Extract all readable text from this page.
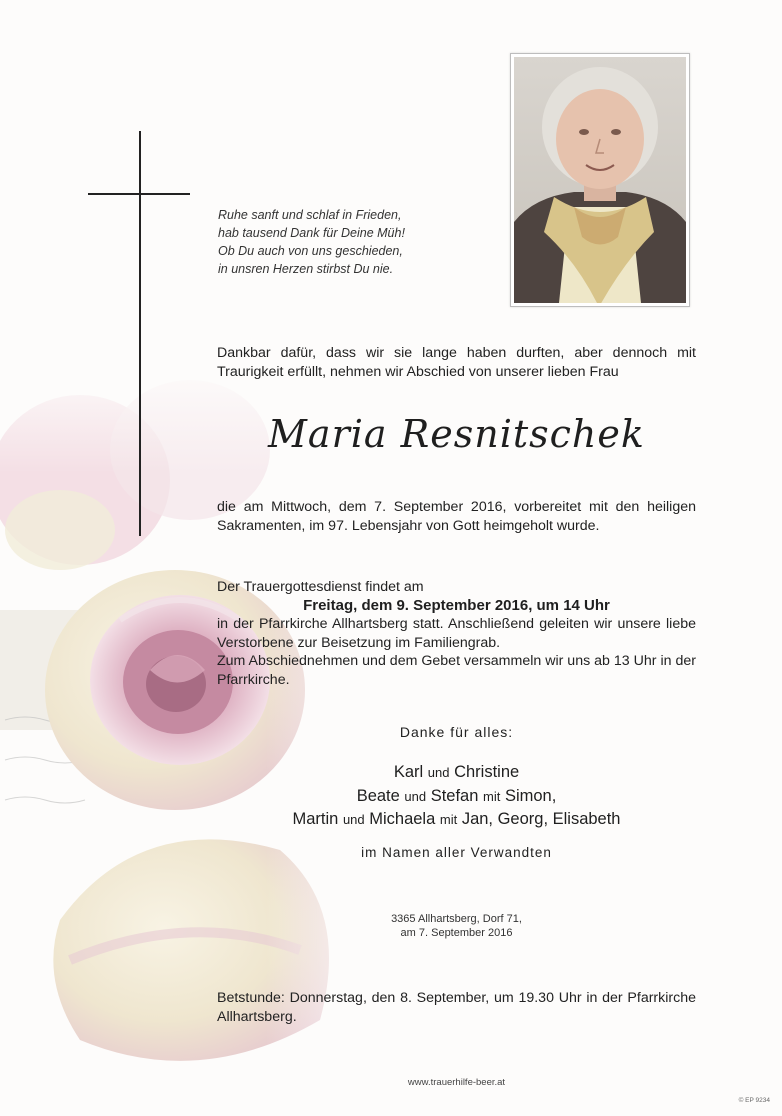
Ruhe sanft und schlaf in Frieden,
hab tausend Dank für Deine Müh!
Ob Du auch von uns geschieden,
in unsren Herzen stirbst Du nie.
Dankbar dafür, dass wir sie lange haben durften, aber dennoch mit Traurigkeit erfüllt, nehmen wir Abschied von unserer lieben Frau
Maria Resnitschek
die am Mittwoch, dem 7. September 2016, vorbereitet mit den heiligen Sakramenten, im 97. Lebensjahr von Gott heimgeholt wurde.
Der Trauergottesdienst findet am
Freitag, dem 9. September 2016, um 14 Uhr
in der Pfarrkirche Allhartsberg statt. Anschließend geleiten wir unsere liebe Verstorbene zur Beisetzung im Familiengrab.
Zum Abschiednehmen und dem Gebet versammeln wir uns ab 13 Uhr in der Pfarrkirche.
Danke für alles:
Karl und Christine
Beate und Stefan mit Simon,
Martin und Michaela mit Jan, Georg, Elisabeth
im Namen aller Verwandten
3365 Allhartsberg, Dorf 71,
am 7. September 2016
Betstunde: Donnerstag, den 8. September, um 19.30 Uhr in der Pfarrkirche Allhartsberg.
www.trauerhilfe-beer.at
© EP 9234
